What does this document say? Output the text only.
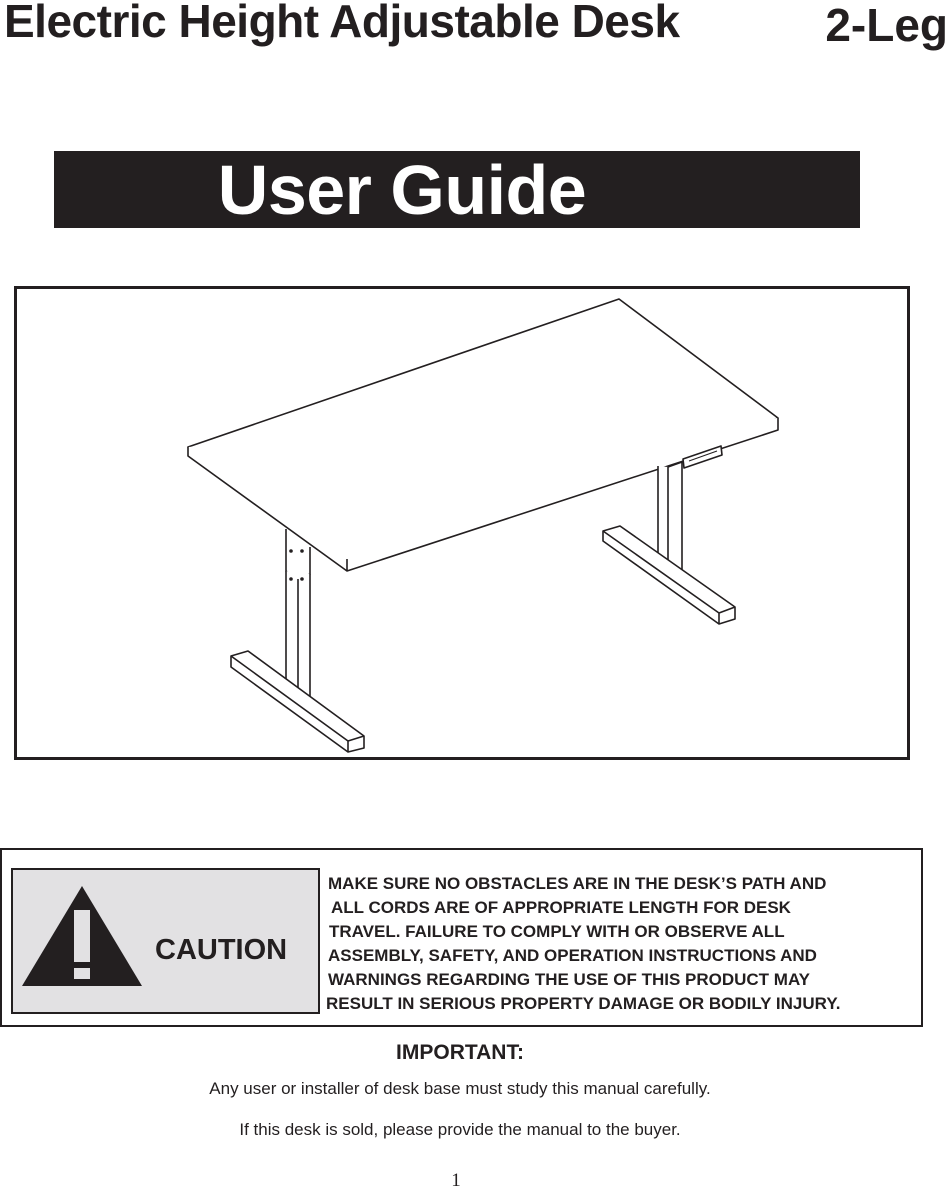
Electric Height Adjustable Desk	2-Leg
User Guide
CAUTION
MAKE SURE NO OBSTACLES ARE IN THE DESK’S PATH AND
ALL CORDS ARE OF APPROPRIATE LENGTH FOR DESK
TRAVEL. FAILURE TO COMPLY WITH OR OBSERVE ALL
ASSEMBLY, SAFETY, AND OPERATION INSTRUCTIONS AND
WARNINGS REGARDING THE USE OF THIS PRODUCT MAY
RESULT IN SERIOUS PROPERTY DAMAGE OR BODILY INJURY.
IMPORTANT:
Any user or installer of desk base must study this manual carefully.
If this desk is sold, please provide the manual to the buyer.
1
